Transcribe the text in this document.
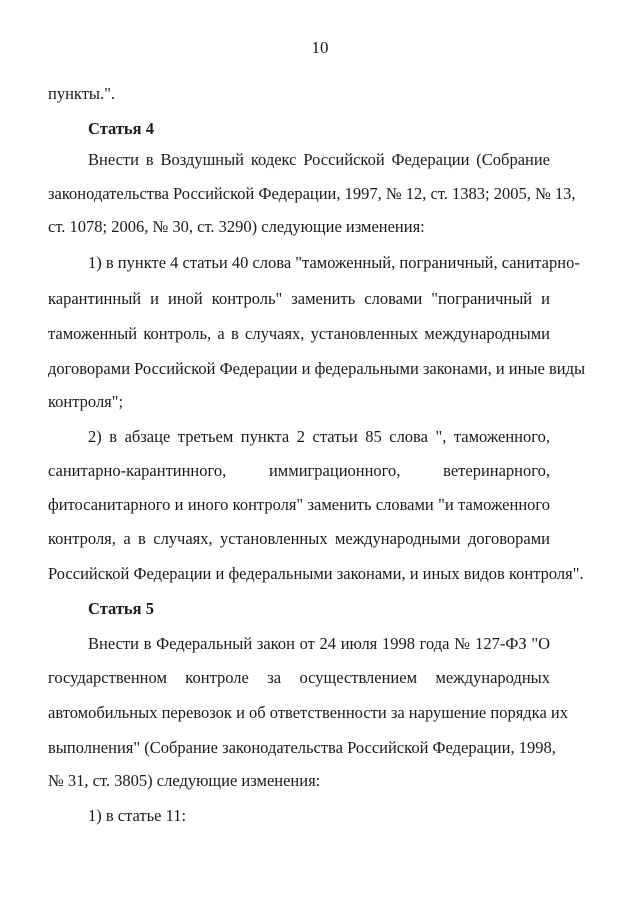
10
пункты.".
Статья 4
Внести в Воздушный кодекс Российской Федерации (Собрание
законодательства Российской Федерации, 1997, № 12, ст. 1383; 2005, № 13,
ст. 1078; 2006, № 30, ст. 3290) следующие изменения:
1) в пункте 4 статьи 40 слова "таможенный, пограничный, санитарно-
карантинный и иной контроль" заменить словами "пограничный и
таможенный контроль, а в случаях, установленных международными
договорами Российской Федерации и федеральными законами, и иные виды
контроля";
2) в абзаце третьем пункта 2 статьи 85 слова ", таможенного,
санитарно-карантинного, иммиграционного, ветеринарного,
фитосанитарного и иного контроля" заменить словами "и таможенного
контроля, а в случаях, установленных международными договорами
Российской Федерации и федеральными законами, и иных видов контроля".
Статья 5
Внести в Федеральный закон от 24 июля 1998 года № 127-ФЗ "О
государственном контроле за осуществлением международных
автомобильных перевозок и об ответственности за нарушение порядка их
выполнения" (Собрание законодательства Российской Федерации, 1998,
№ 31, ст. 3805) следующие изменения:
1) в статье 11:
